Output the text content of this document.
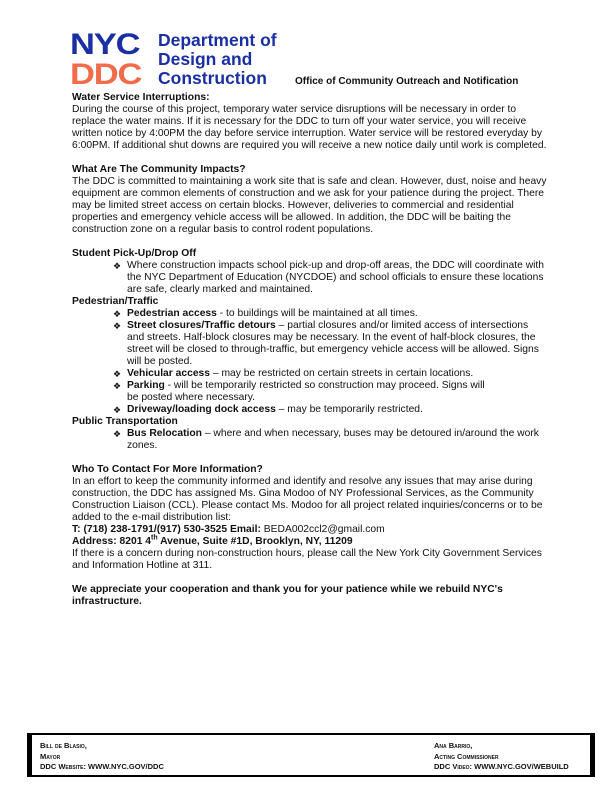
NYC
DDC
Department of
Design and
Construction	Office of Community Outreach and Notification

Water Service Interruptions:

During the course of this project, temporary water service disruptions will be necessary in order to replace the water mains. If it is necessary for the DDC to turn off your water service, you will receive written notice by 4:00PM the day before service interruption. Water service will be restored everyday by 6:00PM. If additional shut downs are required you will receive a new notice daily until work is completed.

What Are The Community Impacts?

The DDC is committed to maintaining a work site that is safe and clean. However, dust, noise and heavy equipment are common elements of construction and we ask for your patience during the project. There may be limited street access on certain blocks. However, deliveries to commercial and residential properties and emergency vehicle access will be allowed. In addition, the DDC will be baiting the construction zone on a regular basis to control rodent populations.

Student Pick-Up/Drop Off

❖ Where construction impacts school pick-up and drop-off areas, the DDC will coordinate with the NYC Department of Education (NYCDOE) and school officials to ensure these locations are safe, clearly marked and maintained.

Pedestrian/Traffic

❖ Pedestrian access - to buildings will be maintained at all times.
❖ Street closures/Traffic detours – partial closures and/or limited access of intersections and streets. Half-block closures may be necessary. In the event of half-block closures, the street will be closed to through-traffic, but emergency vehicle access will be allowed. Signs will be posted.
❖ Vehicular access – may be restricted on certain streets in certain locations.
❖ Parking - will be temporarily restricted so construction may proceed. Signs will be posted where necessary.
❖ Driveway/loading dock access – may be temporarily restricted.

Public Transportation

❖ Bus Relocation – where and when necessary, buses may be detoured in/around the work zones.

Who To Contact For More Information?

In an effort to keep the community informed and identify and resolve any issues that may arise during construction, the DDC has assigned Ms. Gina Modoo of NY Professional Services, as the Community Construction Liaison (CCL). Please contact Ms. Modoo for all project related inquiries/concerns or to be added to the e-mail distribution list:

T: (718) 238-1791/(917) 530-3525 Email: BEDA002ccl2@gmail.com

Address: 8201 4th Avenue, Suite #1D, Brooklyn, NY, 11209

If there is a concern during non-construction hours, please call the New York City Government Services and Information Hotline at 311.

We appreciate your cooperation and thank you for your patience while we rebuild NYC's infrastructure.

Bill de Blasio,
Mayor
DDC Website: WWW.NYC.GOV/DDC
Ana Barrio,
Acting Commissioner
DDC Video: WWW.NYC.GOV/WEBUILD
